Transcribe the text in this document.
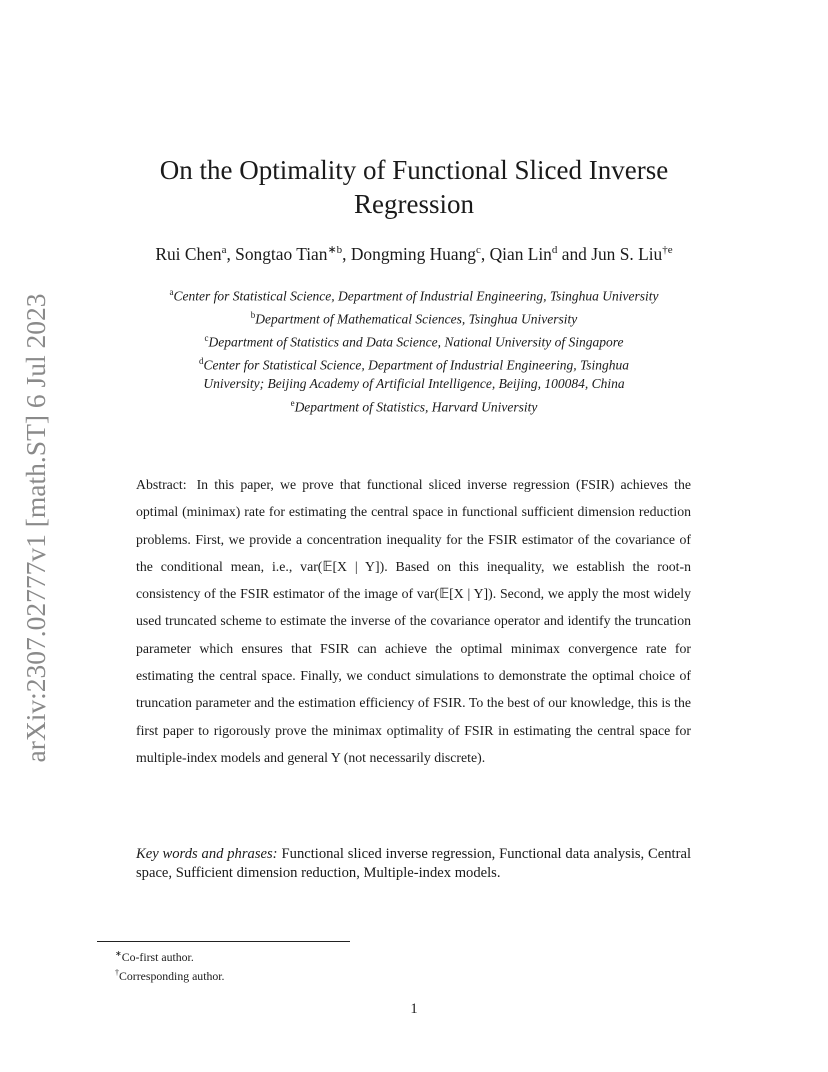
arXiv:2307.02777v1 [math.ST] 6 Jul 2023
On the Optimality of Functional Sliced Inverse
Regression
Rui Chen$^a$, Songtao Tian$^{∗b}$, Dongming Huang$^c$, Qian Lin$^d$ and Jun S. Liu$^{\dagger e}$
$^a$Center for Statistical Science, Department of Industrial Engineering, Tsinghua University
$^b$Department of Mathematical Sciences, Tsinghua University
$^c$Department of Statistics and Data Science, National University of Singapore
$^d$Center for Statistical Science, Department of Industrial Engineering, Tsinghua
University; Beijing Academy of Artificial Intelligence, Beijing, 100084, China
$^e$Department of Statistics, Harvard University
Abstract: In this paper, we prove that functional sliced inverse regression (FSIR) achieves the optimal (minimax) rate for estimating the central space in functional sufficient dimension reduction problems. First, we provide a concentration inequality for the FSIR estimator of the covariance of the conditional mean, i.e., var(𝔼[X | Y]). Based on this inequality, we establish the root-n consistency of the FSIR estimator of the image of var(𝔼[X | Y]). Second, we apply the most widely used truncated scheme to estimate the inverse of the covariance operator and identify the truncation parameter which ensures that FSIR can achieve the optimal minimax convergence rate for estimating the central space. Finally, we conduct simulations to demonstrate the optimal choice of truncation parameter and the estimation efficiency of FSIR. To the best of our knowledge, this is the first paper to rigorously prove the minimax optimality of FSIR in estimating the central space for multiple-index models and general Y (not necessarily discrete).
Key words and phrases: Functional sliced inverse regression, Functional data analysis, Central space, Sufficient dimension reduction, Multiple-index models.
∗Co-first author.
†Corresponding author.
1
